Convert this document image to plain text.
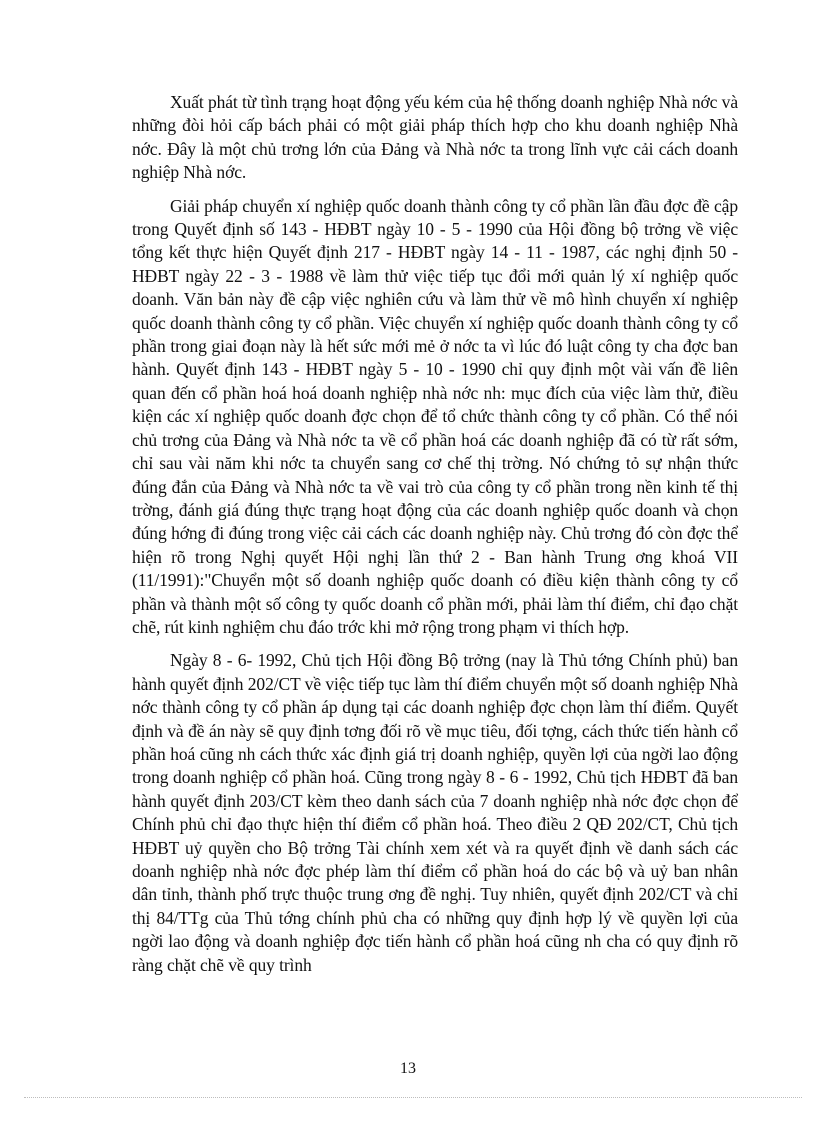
Xuất phát từ tình trạng hoạt động yếu kém của hệ thống doanh nghiệp Nhà nớc và những đòi hỏi cấp bách phải có một giải pháp thích hợp cho khu doanh nghiệp Nhà nớc. Đây là một chủ trơng lớn của Đảng và Nhà nớc ta trong lĩnh vực cải cách doanh nghiệp Nhà nớc.

Giải pháp chuyển xí nghiệp quốc doanh thành công ty cổ phần lần đầu đợc đề cập trong Quyết định số 143 - HĐBT ngày 10 - 5 - 1990 của Hội đồng bộ trởng về việc tổng kết thực hiện Quyết định 217 - HĐBT ngày 14 - 11 - 1987, các nghị định 50 - HĐBT ngày 22 - 3 - 1988 về làm thử việc tiếp tục đổi mới quản lý xí nghiệp quốc doanh. Văn bản này đề cập việc nghiên cứu và làm thử về mô hình chuyển xí nghiệp quốc doanh thành công ty cổ phần. Việc chuyển xí nghiệp quốc doanh thành công ty cổ phần trong giai đoạn này là hết sức mới mẻ ở nớc ta vì lúc đó luật công ty cha đợc ban hành. Quyết định 143 - HĐBT ngày 5 - 10 - 1990 chỉ quy định một vài vấn đề liên quan đến cổ phần hoá hoá doanh nghiệp nhà nớc nh: mục đích của việc làm thử, điều kiện các xí nghiệp quốc doanh đợc chọn để tổ chức thành công ty cổ phần. Có thể nói chủ trơng của Đảng và Nhà nớc ta về cổ phần hoá các doanh nghiệp đã có từ rất sớm, chỉ sau vài năm khi nớc ta chuyển sang cơ chế thị trờng. Nó chứng tỏ sự nhận thức đúng đắn của Đảng và Nhà nớc ta về vai trò của công ty cổ phần trong nền kinh tế thị trờng, đánh giá đúng thực trạng hoạt động của các doanh nghiệp quốc doanh và chọn đúng hớng đi đúng trong việc cải cách các doanh nghiệp này. Chủ trơng đó còn đợc thể hiện rõ trong Nghị quyết Hội nghị lần thứ 2 - Ban hành Trung ơng khoá VII (11/1991):"Chuyển một số doanh nghiệp quốc doanh có điều kiện thành công ty cổ phần và thành một số công ty quốc doanh cổ phần mới, phải làm thí điểm, chỉ đạo chặt chẽ, rút kinh nghiệm chu đáo trớc khi mở rộng trong phạm vi thích hợp.

Ngày 8 - 6- 1992, Chủ tịch Hội đồng Bộ trởng (nay là Thủ tớng Chính phủ) ban hành quyết định 202/CT về việc tiếp tục làm thí điểm chuyển một số doanh nghiệp Nhà nớc thành công ty cổ phần áp dụng tại các doanh nghiệp đợc chọn làm thí điểm. Quyết định và đề án này sẽ quy định tơng đối rõ về mục tiêu, đối tợng, cách thức tiến hành cổ phần hoá cũng nh cách thức xác định giá trị doanh nghiệp, quyền lợi của ngời lao động trong doanh nghiệp cổ phần hoá. Cũng trong ngày 8 - 6 - 1992, Chủ tịch HĐBT đã ban hành quyết định 203/CT kèm theo danh sách của 7 doanh nghiệp nhà nớc đợc chọn để Chính phủ chỉ đạo thực hiện thí điểm cổ phần hoá. Theo điều 2 QĐ 202/CT, Chủ tịch HĐBT uỷ quyền cho Bộ trởng Tài chính xem xét và ra quyết định về danh sách các doanh nghiệp nhà nớc đợc phép làm thí điểm cổ phần hoá do các bộ và uỷ ban nhân dân tỉnh, thành phố trực thuộc trung ơng đề nghị. Tuy nhiên, quyết định 202/CT và chỉ thị 84/TTg của Thủ tớng chính phủ cha có những quy định hợp lý về quyền lợi của ngời lao động và doanh nghiệp đợc tiến hành cổ phần hoá cũng nh cha có quy định rõ ràng chặt chẽ về quy trình

13
